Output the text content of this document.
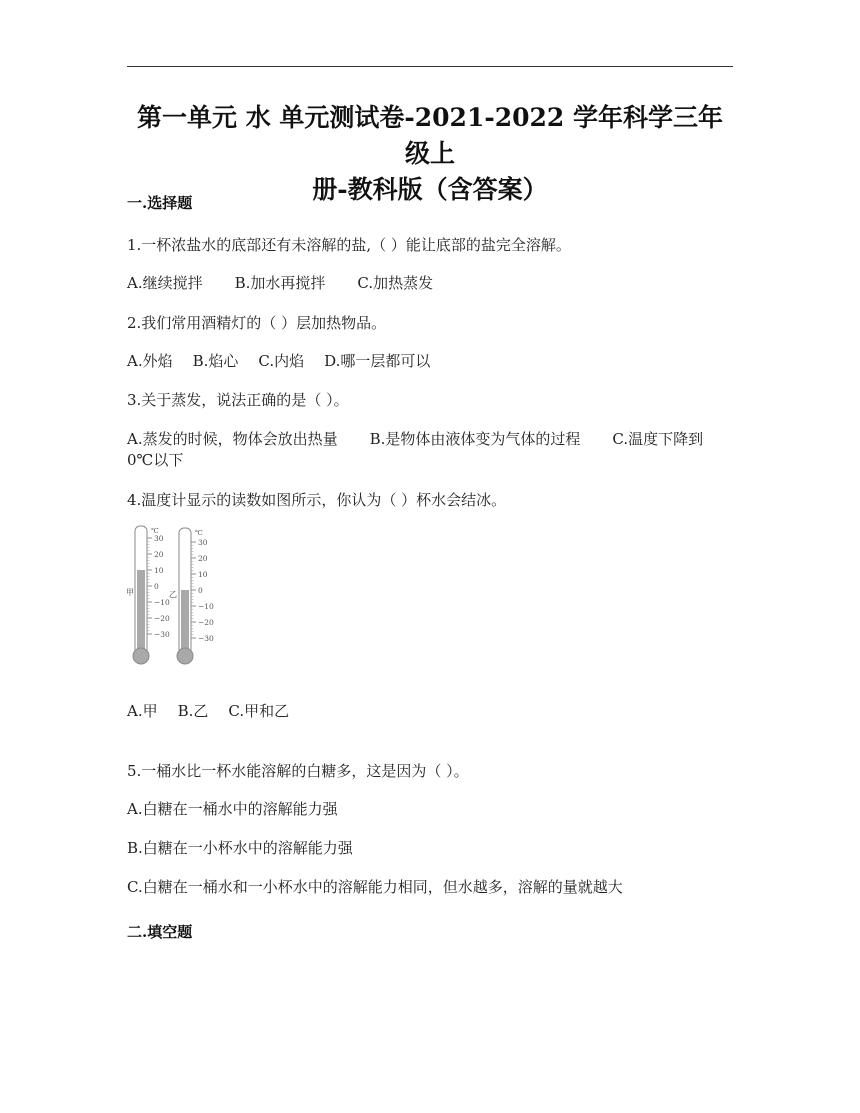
第一单元 水 单元测试卷-2021-2022 学年科学三年级上
册-教科版（含答案）
一.选择题
1.一杯浓盐水的底部还有未溶解的盐,（ ）能让底部的盐完全溶解。
A.继续搅拌 B.加水再搅拌 C.加热蒸发
2.我们常用酒精灯的（ ）层加热物品。
A.外焰 B.焰心 C.内焰 D.哪一层都可以
3.关于蒸发，说法正确的是（ ）。
A.蒸发的时候，物体会放出热量 B.是物体由液体变为气体的过程 C.温度下降到 0℃以下
4.温度计显示的读数如图所示，你认为（ ）杯水会结冰。
30
20
10
0
−10
−20
−30
℃
甲
30
20
10
0
−10
−20
−30
℃
乙
A.甲 B.乙 C.甲和乙
5.一桶水比一杯水能溶解的白糖多，这是因为（ ）。
A.白糖在一桶水中的溶解能力强
B.白糖在一小杯水中的溶解能力强
C.白糖在一桶水和一小杯水中的溶解能力相同，但水越多，溶解的量就越大
二.填空题
